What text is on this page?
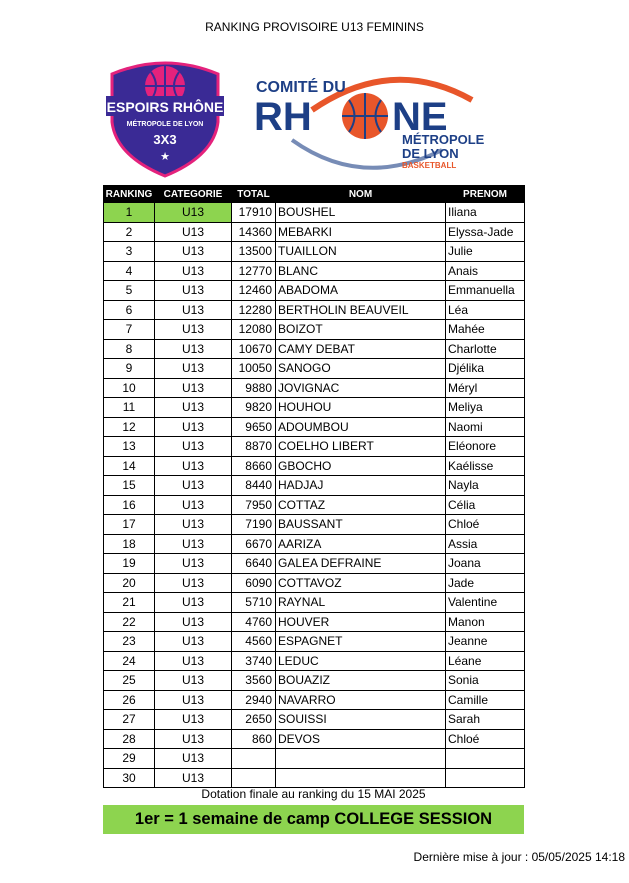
RANKING PROVISOIRE U13 FEMININS
ESPOIRS RHÔNE
MÉTROPOLE DE LYON
3X3
★
COMITÉ DU
RH NE
MÉTROPOLE
DE LYON
BASKETBALL
RANKING	CATEGORIE	TOTAL	NOM	PRENOM
1	U13	17910	BOUSHEL	Iliana
2	U13	14360	MEBARKI	Elyssa-Jade
3	U13	13500	TUAILLON	Julie
4	U13	12770	BLANC	Anais
5	U13	12460	ABADOMA	Emmanuella
6	U13	12280	BERTHOLIN BEAUVEIL	Léa
7	U13	12080	BOIZOT	Mahée
8	U13	10670	CAMY DEBAT	Charlotte
9	U13	10050	SANOGO	Djélika
10	U13	9880	JOVIGNAC	Méryl
11	U13	9820	HOUHOU	Meliya
12	U13	9650	ADOUMBOU	Naomi
13	U13	8870	COELHO LIBERT	Eléonore
14	U13	8660	GBOCHO	Kaélisse
15	U13	8440	HADJAJ	Nayla
16	U13	7950	COTTAZ	Célia
17	U13	7190	BAUSSANT	Chloé
18	U13	6670	AARIZA	Assia
19	U13	6640	GALEA DEFRAINE	Joana
20	U13	6090	COTTAVOZ	Jade
21	U13	5710	RAYNAL	Valentine
22	U13	4760	HOUVER	Manon
23	U13	4560	ESPAGNET	Jeanne
24	U13	3740	LEDUC	Léane
25	U13	3560	BOUAZIZ	Sonia
26	U13	2940	NAVARRO	Camille
27	U13	2650	SOUISSI	Sarah
28	U13	860	DEVOS	Chloé
29	U13			
30	U13			
Dotation finale au ranking du 15 MAI 2025
1er = 1 semaine de camp COLLEGE SESSION
Dernière mise à jour : 05/05/2025 14:18
